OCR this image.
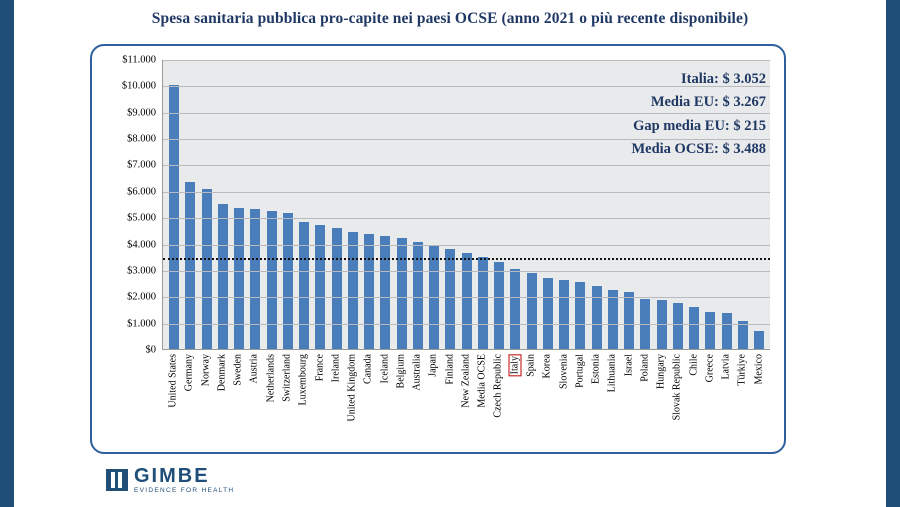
Spesa sanitaria pubblica pro-capite nei paesi OCSE (anno 2021 o più recente disponibile)
$0
$1.000
$2.000
$3.000
$4.000
$5.000
$6.000
$7.000
$8.000
$9.000
$10.000
$11.000
United States Germany Norway Denmark Sweden Austria Netherlands Switzerland Luxembourg France Ireland United Kingdom Canada Iceland Belgium Australia Japan Finland New Zealand Media OCSE Czech Republic Italy Spain Korea Slovenia Portugal Estonia Lithuania Israel Poland Hungary Slovak Republic Chile Greece Latvia Türkiye Mexico
Italia: $ 3.052
Media EU: $ 3.267
Gap media EU: $ 215
Media OCSE: $ 3.488
GIMBE
EVIDENCE FOR HEALTH
